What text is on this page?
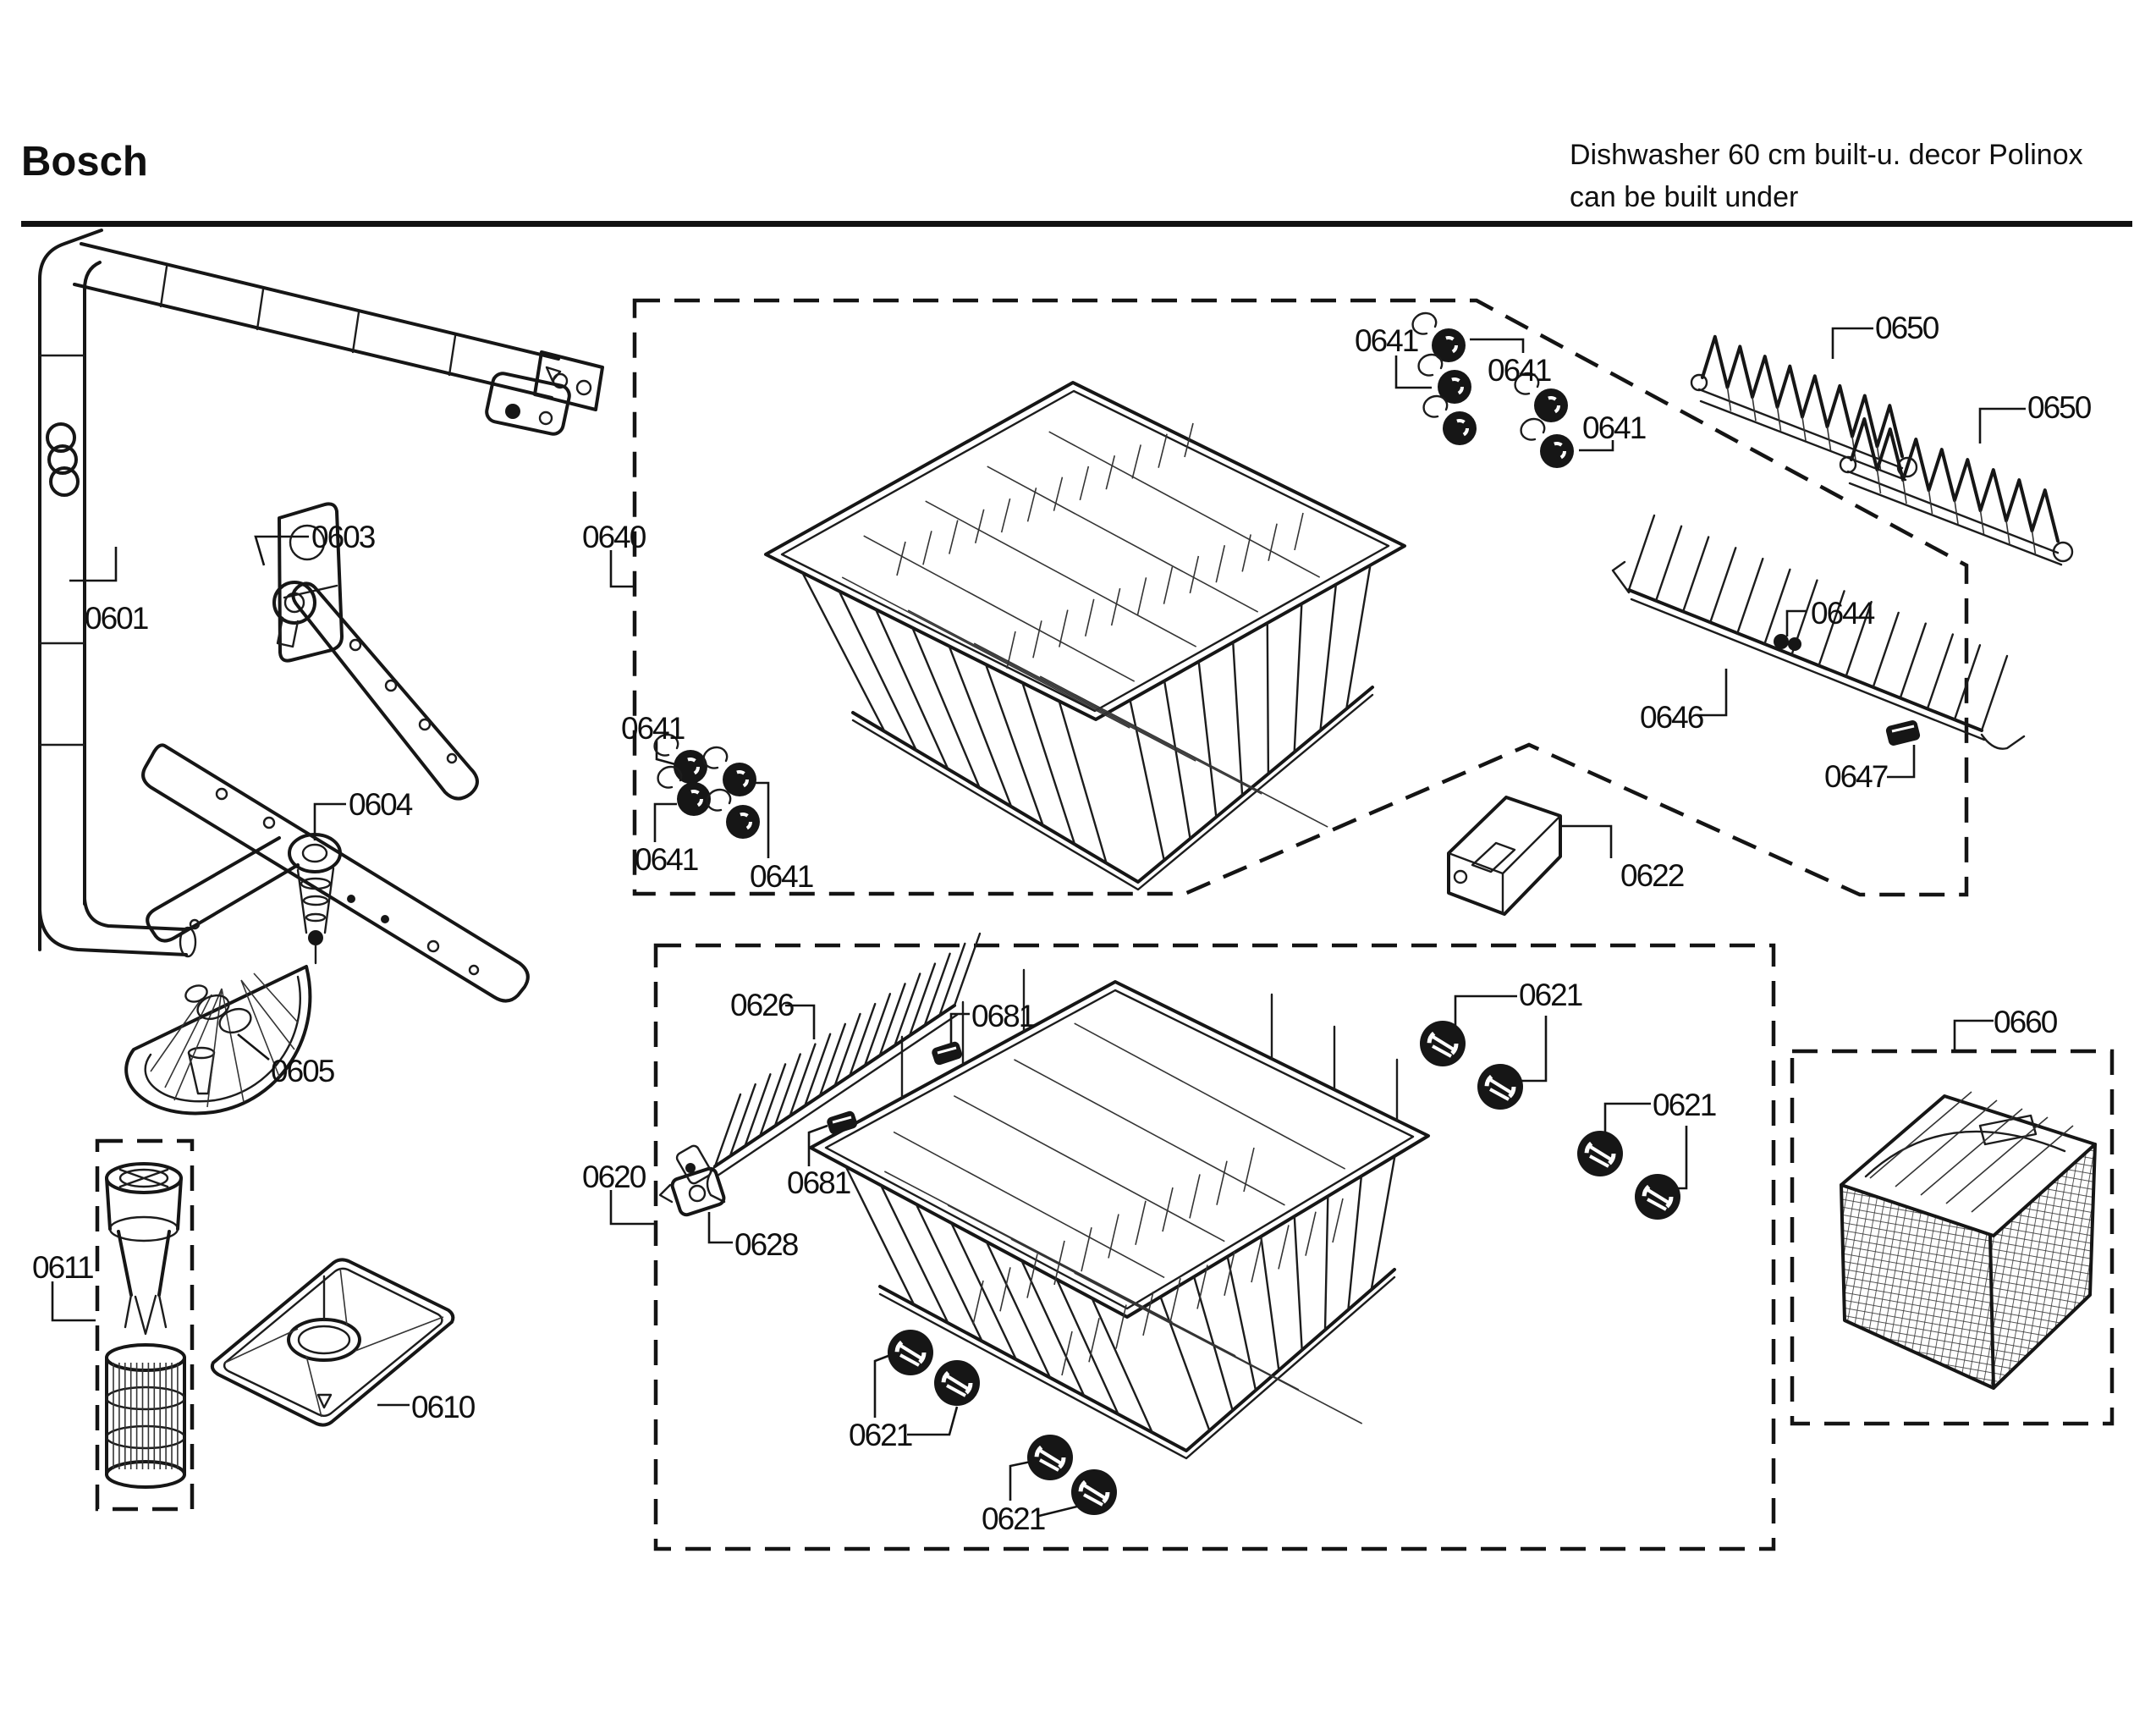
Bosch	Dishwasher 60 cm built-u. decor Polinox
can be built under
0601
0603
0604
0605
0610
0611
0620
0621
0621
0621
0621
0622
0626
0628
0640
0641
0641
0641
0641
0641 0641
0644
0646
0647
0650
0650
0660
0681
0681
